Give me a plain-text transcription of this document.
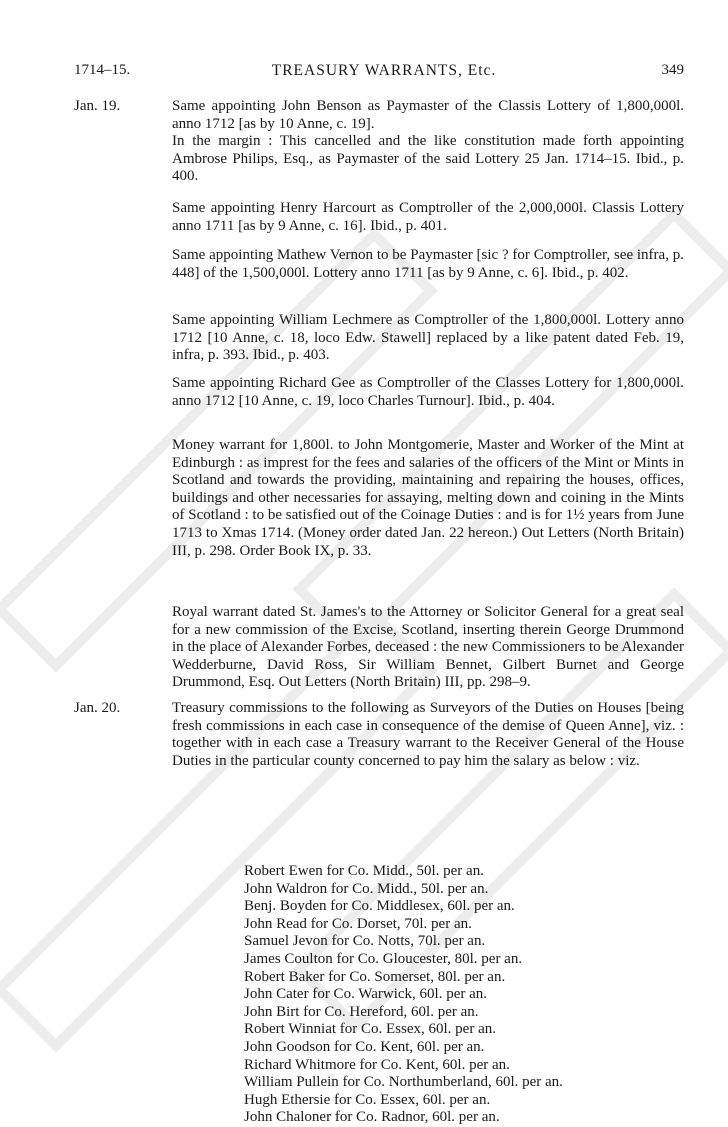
1714–15.	TREASURY WARRANTS, Etc.	349
Jan. 19.
Jan. 20.

Same appointing John Benson as Paymaster of the Classis Lottery of 1,800,000l. anno 1712 [as by 10 Anne, c. 19].

In the margin : This cancelled and the like constitution made forth appointing Ambrose Philips, Esq., as Paymaster of the said Lottery 25 Jan. 1714–15. Ibid., p. 400.

Same appointing Henry Harcourt as Comptroller of the 2,000,000l. Classis Lottery anno 1711 [as by 9 Anne, c. 16]. Ibid., p. 401.

Same appointing Mathew Vernon to be Paymaster [sic ? for Comptroller, see infra, p. 448] of the 1,500,000l. Lottery anno 1711 [as by 9 Anne, c. 6]. Ibid., p. 402.

Same appointing William Lechmere as Comptroller of the 1,800,000l. Lottery anno 1712 [10 Anne, c. 18, loco Edw. Stawell] replaced by a like patent dated Feb. 19, infra, p. 393. Ibid., p. 403.

Same appointing Richard Gee as Comptroller of the Classes Lottery for 1,800,000l. anno 1712 [10 Anne, c. 19, loco Charles Turnour]. Ibid., p. 404.

Money warrant for 1,800l. to John Montgomerie, Master and Worker of the Mint at Edinburgh : as imprest for the fees and salaries of the officers of the Mint or Mints in Scotland and towards the providing, maintaining and repairing the houses, offices, buildings and other necessaries for assaying, melting down and coining in the Mints of Scotland : to be satisfied out of the Coinage Duties : and is for 1½ years from June 1713 to Xmas 1714. (Money order dated Jan. 22 hereon.) Out Letters (North Britain) III, p. 298. Order Book IX, p. 33.

Royal warrant dated St. James's to the Attorney or Solicitor General for a great seal for a new commission of the Excise, Scotland, inserting therein George Drummond in the place of Alexander Forbes, deceased : the new Commissioners to be Alexander Wedderburne, David Ross, Sir William Bennet, Gilbert Burnet and George Drummond, Esq. Out Letters (North Britain) III, pp. 298–9.

Treasury commissions to the following as Surveyors of the Duties on Houses [being fresh commissions in each case in consequence of the demise of Queen Anne], viz. : together with in each case a Treasury warrant to the Receiver General of the House Duties in the particular county concerned to pay him the salary as below : viz.

Robert Ewen for Co. Midd., 50l. per an.
John Waldron for Co. Midd., 50l. per an.
Benj. Boyden for Co. Middlesex, 60l. per an.
John Read for Co. Dorset, 70l. per an.
Samuel Jevon for Co. Notts, 70l. per an.
James Coulton for Co. Gloucester, 80l. per an.
Robert Baker for Co. Somerset, 80l. per an.
John Cater for Co. Warwick, 60l. per an.
John Birt for Co. Hereford, 60l. per an.
Robert Winniat for Co. Essex, 60l. per an.
John Goodson for Co. Kent, 60l. per an.
Richard Whitmore for Co. Kent, 60l. per an.
William Pullein for Co. Northumberland, 60l. per an.
Hugh Ethersie for Co. Essex, 60l. per an.
John Chaloner for Co. Radnor, 60l. per an.
